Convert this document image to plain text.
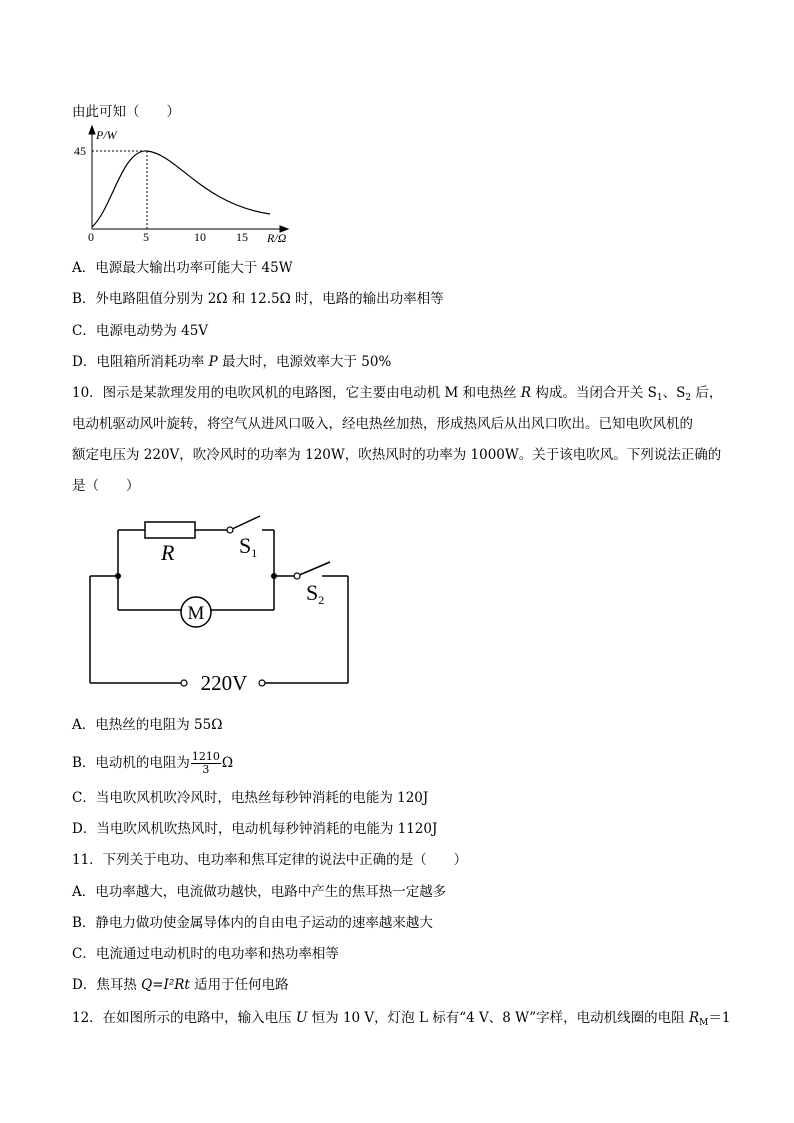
由此可知（　　）
P/W
45
0	5	10	15 R/Ω
A．电源最大输出功率可能大于 45W
B．外电路阻值分别为 2Ω 和 12.5Ω 时，电路的输出功率相等
C．电源电动势为 45V
D．电阻箱所消耗功率 P 最大时，电源效率大于 50%
10．图示是某款理发用的电吹风机的电路图，它主要由电动机 M 和电热丝 R 构成。当闭合开关 $S_1$、$S_2$ 后，
电动机驱动风叶旋转，将空气从进风口吸入，经电热丝加热，形成热风后从出风口吹出。已知电吹风机的
额定电压为 220V，吹冷风时的功率为 120W，吹热风时的功率为 1000W。关于该电吹风。下列说法正确的
是（　　）
R	S1
S2
M
220V
A．电热丝的电阻为 55Ω
B．电动机的电阻为 $\frac{1210}{3}$ Ω
C．当电吹风机吹冷风时，电热丝每秒钟消耗的电能为 120J
D．当电吹风机吹热风时，电动机每秒钟消耗的电能为 1120J
11．下列关于电功、电功率和焦耳定律的说法中正确的是（　　）
A．电功率越大，电流做功越快，电路中产生的焦耳热一定越多
B．静电力做功使金属导体内的自由电子运动的速率越来越大
C．电流通过电动机时的电功率和热功率相等
D．焦耳热 Q=I²Rt 适用于任何电路
12．在如图所示的电路中，输入电压 U 恒为 10 V，灯泡 L 标有“4 V、8 W”字样，电动机线圈的电阻 $R_M=1$
